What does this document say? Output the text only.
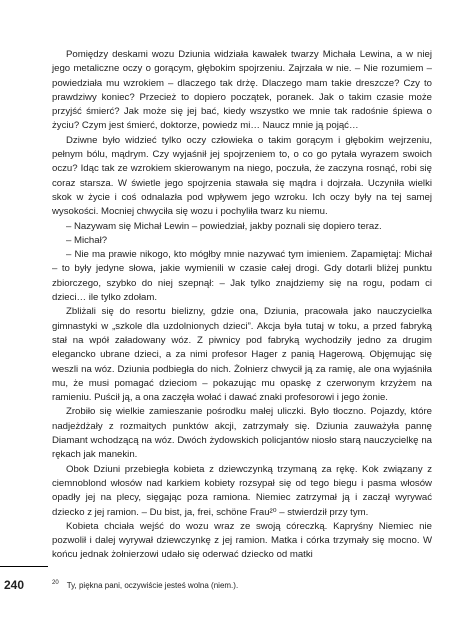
Pomiędzy deskami wozu Dziunia widziała kawałek twarzy Michała Lewina, a w niej jego metaliczne oczy o gorącym, głębokim spojrzeniu. Zajrzała w nie. – Nie rozumiem – powiedziała mu wzrokiem – dlaczego tak drżę. Dlaczego mam takie dreszcze? Czy to prawdziwy koniec? Przecież to dopiero początek, poranek. Jak o takim czasie może przyjść śmierć? Jak może się jej bać, kiedy wszystko we mnie tak radośnie śpiewa o życiu? Czym jest śmierć, doktorze, powiedz mi… Naucz mnie ją pojąć…

Dziwne było widzieć tylko oczy człowieka o takim gorącym i głębokim wejrzeniu, pełnym bólu, mądrym. Czy wyjaśnił jej spojrzeniem to, o co go pytała wyrazem swoich oczu? Idąc tak ze wzrokiem skierowanym na niego, poczuła, że zaczyna rosnąć, robi się coraz starsza. W świetle jego spojrzenia stawała się mądra i dojrzała. Uczyniła wielki skok w życie i coś odnalazła pod wpływem jego wzroku. Ich oczy były na tej samej wysokości. Mocniej chwyciła się wozu i pochyliła twarz ku niemu.

– Nazywam się Michał Lewin – powiedział, jakby poznali się dopiero teraz.

– Michał?

– Nie ma prawie nikogo, kto mógłby mnie nazywać tym imieniem. Zapamiętaj: Michał – to były jedyne słowa, jakie wymienili w czasie całej drogi. Gdy dotarli bliżej punktu zbiorczego, szybko do niej szepnął: – Jak tylko znajdziemy się na rogu, podam ci dzieci… ile tylko zdołam.

Zbliżali się do resortu bielizny, gdzie ona, Dziunia, pracowała jako nauczycielka gimnastyki w „szkole dla uzdolnionych dzieci”. Akcja była tutaj w toku, a przed fabryką stał na wpół załadowany wóz. Z piwnicy pod fabryką wychodziły jedno za drugim elegancko ubrane dzieci, a za nimi profesor Hager z panią Hagerową. Objęmując się weszli na wóz. Dziunia podbiegła do nich. Żołnierz chwycił ją za ramię, ale ona wyjaśniła mu, że musi pomagać dzieciom – pokazując mu opaskę z czerwonym krzyżem na ramieniu. Puścił ją, a ona zaczęła wołać i dawać znaki profesorowi i jego żonie.

Zrobiło się wielkie zamieszanie pośrodku małej uliczki. Było tłoczno. Pojazdy, które nadjeżdżały z rozmaitych punktów akcji, zatrzymały się. Dziunia zauważyła pannę Diamant wchodzącą na wóz. Dwóch żydowskich policjantów niosło starą nauczycielkę na rękach jak manekin.

Obok Dziuni przebiegła kobieta z dziewczynką trzymaną za rękę. Kok związany z ciemnoblond włosów nad karkiem kobiety rozsypał się od tego biegu i pasma włosów opadły jej na plecy, sięgając poza ramiona. Niemiec zatrzymał ją i zaczął wyrywać dziecko z jej ramion. – Du bist, ja, frei, schöne Frau²⁰ – stwierdził przy tym.

Kobieta chciała wejść do wozu wraz ze swoją córeczką. Kapryśny Niemiec nie pozwolił i dalej wyrywał dziewczynkę z jej ramion. Matka i córka trzymały się mocno. W końcu jednak żołnierzowi udało się oderwać dziecko od matki

240	$^{20}$ Ty, piękna pani, oczywiście jesteś wolna (niem.).
